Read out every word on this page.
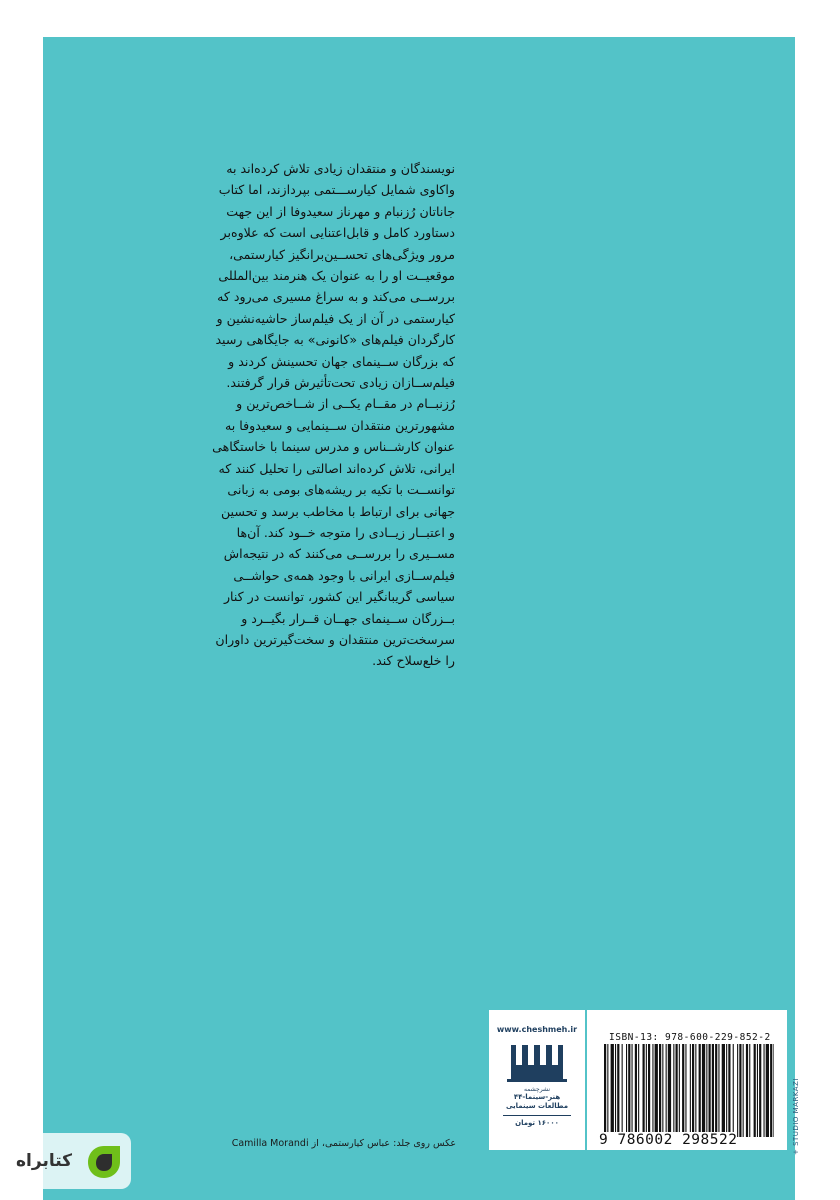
نویسندگان و منتقدان زیادی تلاش کرده‌اند به
واکاوی شمایل کیارســـتمی بپردازند، اما کتاب
جاناتان رُزنبام و مهرناز سعیدوفا از این جهت
دستاورد کامل و قابل‌اعتنایی است که علاوه‌بر
مرور ویژگی‌های تحســین‌برانگیز کیارستمی،
موقعیــت او را به عنوان یک هنرمند بین‌المللی
بررســی می‌کند و به سراغ مسیری می‌رود که
کیارستمی در آن از یک فیلم‌ساز حاشیه‌نشین و
کارگردان فیلم‌های «کانونی» به جایگاهی رسید
که بزرگان ســینمای جهان تحسینش کردند و
فیلم‌ســازان زیادی تحت‌تأثیرش قرار گرفتند.
رُزنبــام در مقــام یکــی از شــاخص‌ترین و
مشهورترین منتقدان ســینمایی و سعیدوفا به
عنوان کارشــناس و مدرس سینما با خاستگاهی
ایرانی، تلاش کرده‌اند اصالتی را تحلیل کنند که
توانســت با تکیه بر ریشه‌های بومی به زبانی
جهانی برای ارتباط با مخاطب برسد و تحسین
و اعتبــار زیــادی را متوجه خــود کند. آن‌ها
مســیری را بررســی می‌کنند که در نتیجه‌اش
فیلم‌ســازی ایرانی با وجود همه‌ی حواشــی
سیاسی گریبانگیر این کشور، توانست در کنار
بــزرگان ســینمای جهــان قــرار بگیــرد و
سرسخت‌ترین منتقدان و سخت‌گیرترین داوران
را خلع‌سلاح کند.
عکس روی جلد: عباس کیارستمی، از Camilla Morandi
www.cheshmeh.ir
نشرچشمه
هنر-سینما-۴۴
مطالعات سینمایی
۱۶۰۰۰ تومان
ISBN-13: 978-600-229-852-2
9 786002 298522	+ STUDIO MARKAZI
کتابراه
